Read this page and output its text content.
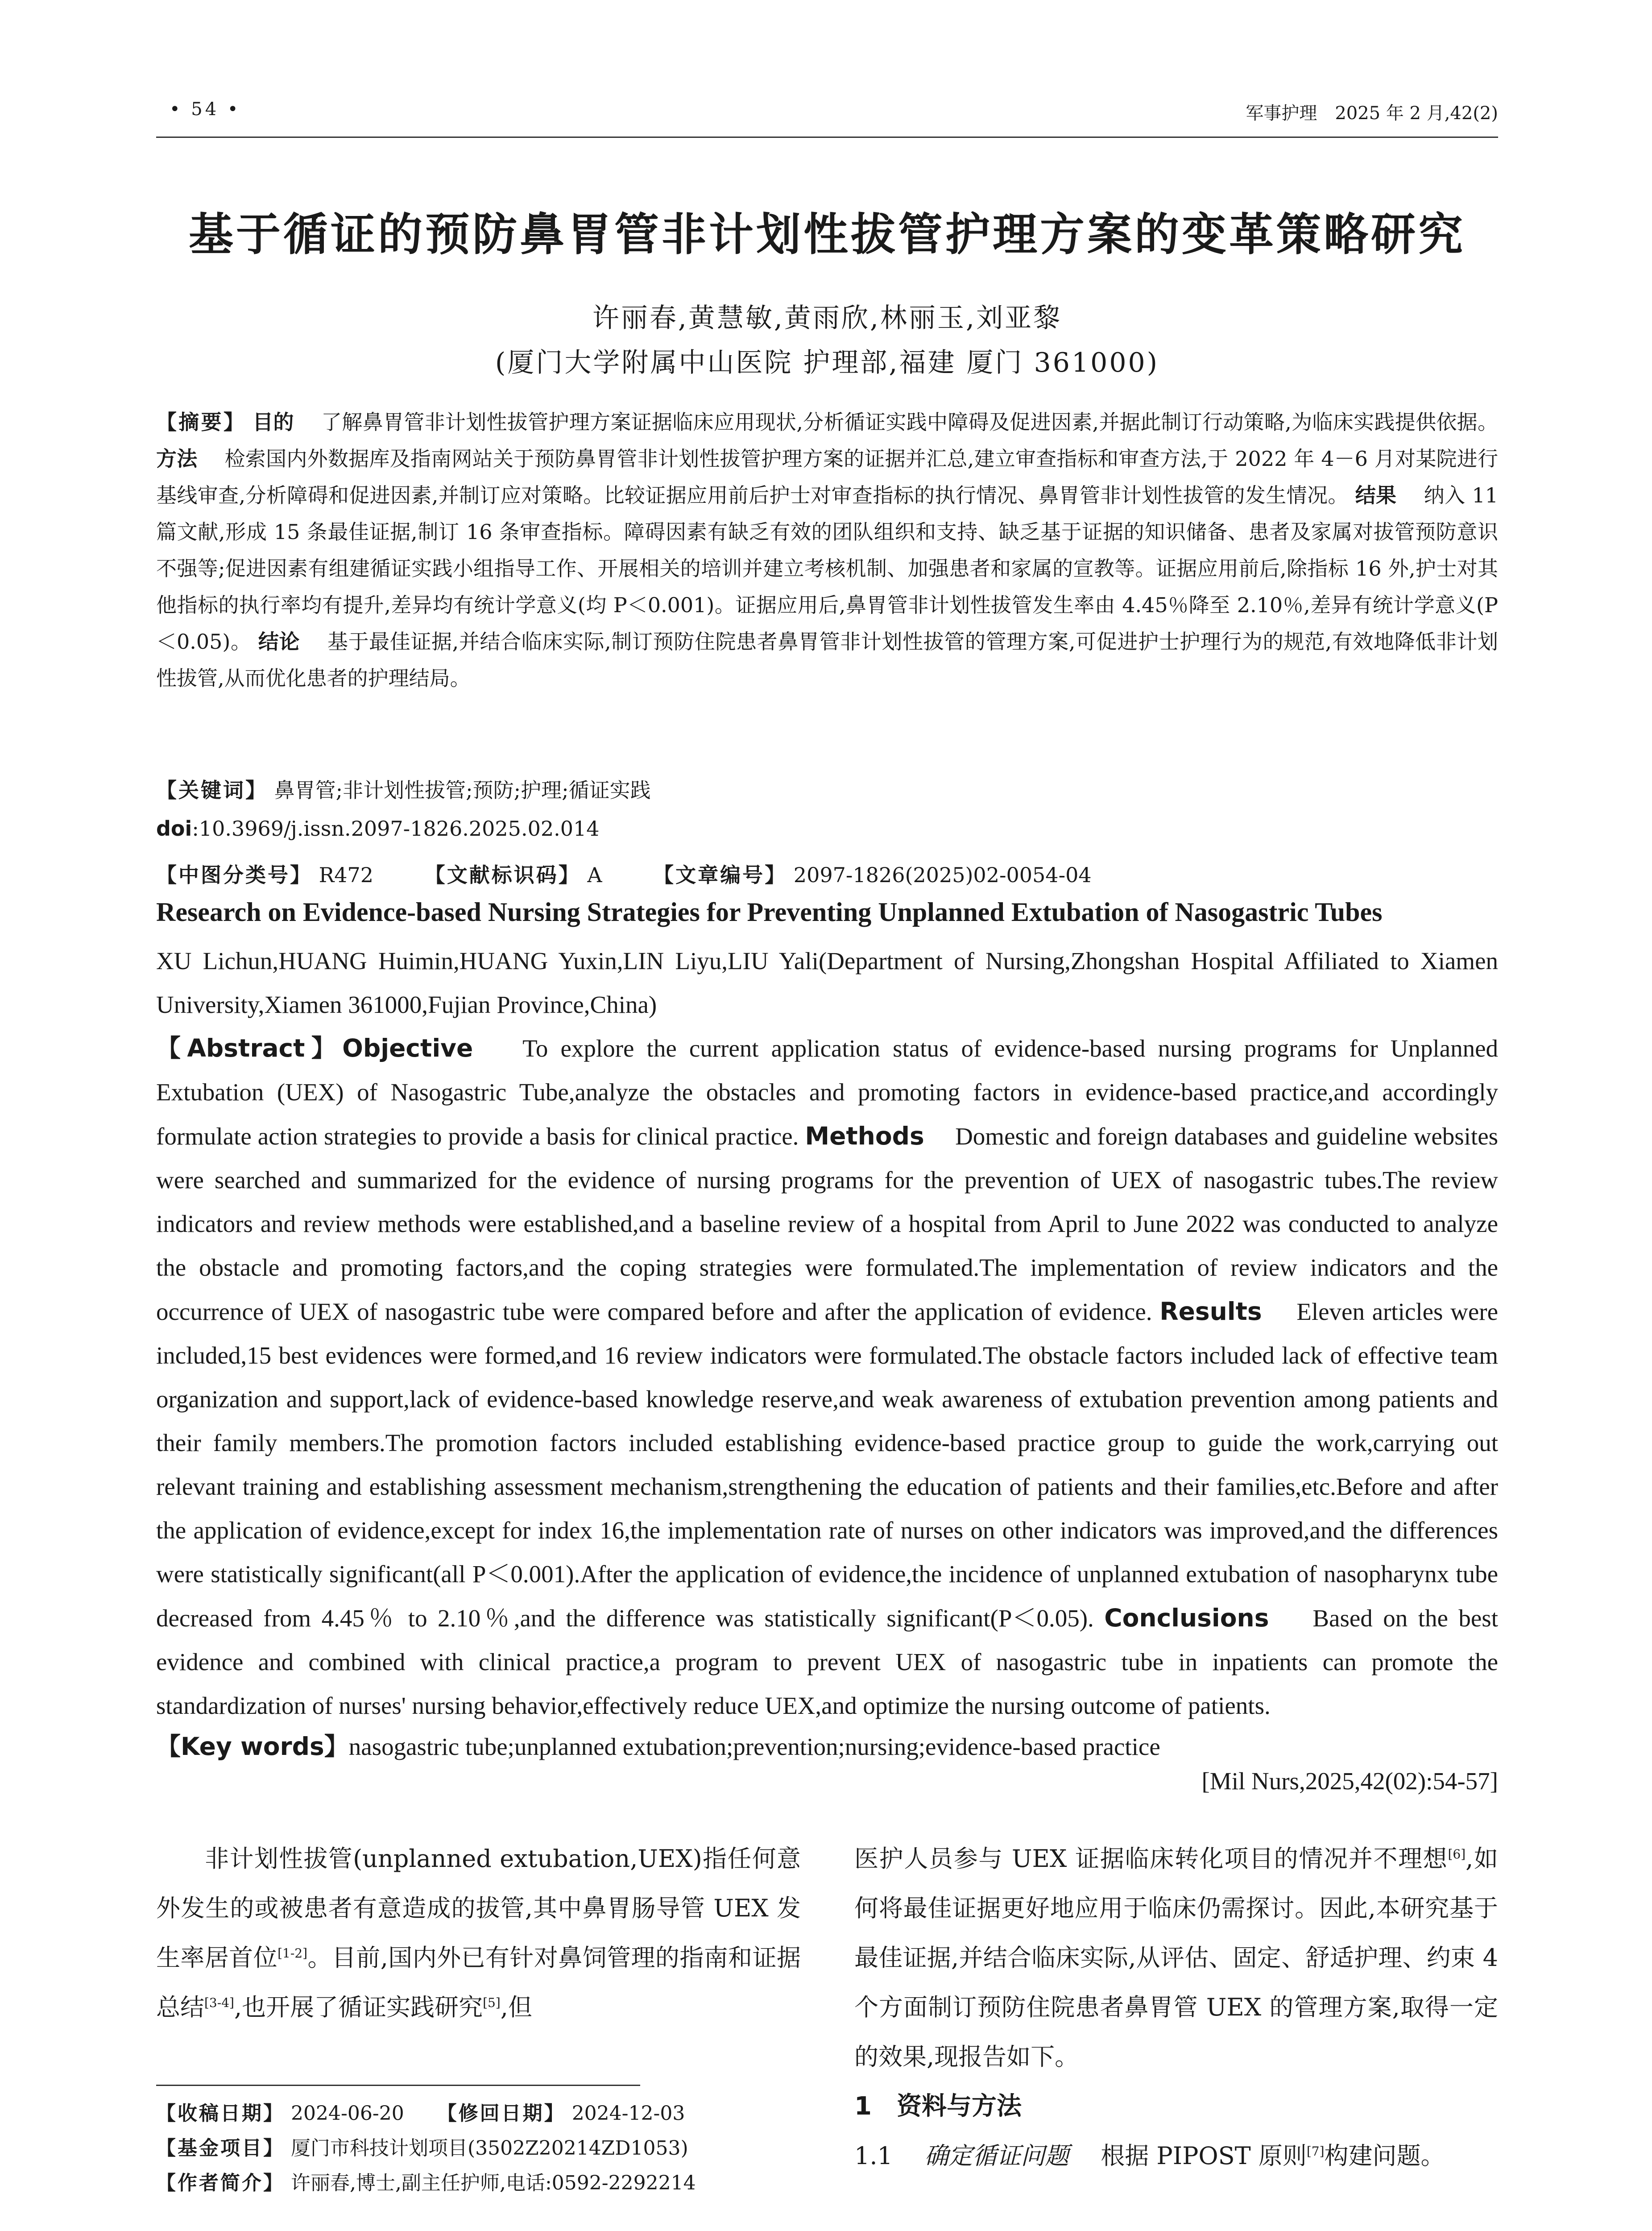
• 54 •	军事护理　2025 年 2 月,42(2)
基于循证的预防鼻胃管非计划性拔管护理方案的变革策略研究
许丽春,黄慧敏,黄雨欣,林丽玉,刘亚黎
(厦门大学附属中山医院 护理部,福建 厦门 361000)
【摘要】 目的　 了解鼻胃管非计划性拔管护理方案证据临床应用现状,分析循证实践中障碍及促进因素,并据此制订行动策略,为临床实践提供依据。 方法　 检索国内外数据库及指南网站关于预防鼻胃管非计划性拔管护理方案的证据并汇总,建立审查指标和审查方法,于 2022 年 4－6 月对某院进行基线审查,分析障碍和促进因素,并制订应对策略。比较证据应用前后护士对审查指标的执行情况、鼻胃管非计划性拔管的发生情况。 结果　 纳入 11 篇文献,形成 15 条最佳证据,制订 16 条审查指标。障碍因素有缺乏有效的团队组织和支持、缺乏基于证据的知识储备、患者及家属对拔管预防意识不强等;促进因素有组建循证实践小组指导工作、开展相关的培训并建立考核机制、加强患者和家属的宣教等。证据应用前后,除指标 16 外,护士对其他指标的执行率均有提升,差异均有统计学意义(均 P＜0.001)。证据应用后,鼻胃管非计划性拔管发生率由 4.45％降至 2.10％,差异有统计学意义(P＜0.05)。 结论　 基于最佳证据,并结合临床实际,制订预防住院患者鼻胃管非计划性拔管的管理方案,可促进护士护理行为的规范,有效地降低非计划性拔管,从而优化患者的护理结局。
【关键词】 鼻胃管;非计划性拔管;预防;护理;循证实践
doi:10.3969/j.issn.2097-1826.2025.02.014
【中图分类号】 R472 【文献标识码】 A 【文章编号】 2097-1826(2025)02-0054-04
Research on Evidence-based Nursing Strategies for Preventing Unplanned Extubation of Nasogastric Tubes
XU Lichun,HUANG Huimin,HUANG Yuxin,LIN Liyu,LIU Yali(Department of Nursing,Zhongshan Hospital Affiliated to Xiamen University,Xiamen 361000,Fujian Province,China)
【Abstract】Objective　 To explore the current application status of evidence-based nursing programs for Unplanned Extubation (UEX) of Nasogastric Tube,analyze the obstacles and promoting factors in evidence-based practice,and accordingly formulate action strategies to provide a basis for clinical practice. Methods　 Domestic and foreign databases and guideline websites were searched and summarized for the evidence of nursing programs for the prevention of UEX of nasogastric tubes.The review indicators and review methods were established,and a baseline review of a hospital from April to June 2022 was conducted to analyze the obstacle and promoting factors,and the coping strategies were formulated.The implementation of review indicators and the occurrence of UEX of nasogastric tube were compared before and after the application of evidence. Results　 Eleven articles were included,15 best evidences were formed,and 16 review indicators were formulated.The obstacle factors included lack of effective team organization and support,lack of evidence-based knowledge reserve,and weak awareness of extubation prevention among patients and their family members.The promotion factors included establishing evidence-based practice group to guide the work,carrying out relevant training and establishing assessment mechanism,strengthening the education of patients and their families,etc.Before and after the application of evidence,except for index 16,the implementation rate of nurses on other indicators was improved,and the differences were statistically significant(all P＜0.001).After the application of evidence,the incidence of unplanned extubation of nasopharynx tube decreased from 4.45％ to 2.10％,and the difference was statistically significant(P＜0.05). Conclusions　 Based on the best evidence and combined with clinical practice,a program to prevent UEX of nasogastric tube in inpatients can promote the standardization of nurses' nursing behavior,effectively reduce UEX,and optimize the nursing outcome of patients.
【Key words】nasogastric tube;unplanned extubation;prevention;nursing;evidence-based practice
[Mil Nurs,2025,42(02):54-57]
非计划性拔管(unplanned extubation,UEX)指任何意外发生的或被患者有意造成的拔管,其中鼻胃肠导管 UEX 发生率居首位[1-2]。目前,国内外已有针对鼻饲管理的指南和证据总结[3-4],也开展了循证实践研究[5],但
医护人员参与 UEX 证据临床转化项目的情况并不理想[6],如何将最佳证据更好地应用于临床仍需探讨。因此,本研究基于最佳证据,并结合临床实际,从评估、固定、舒适护理、约束 4 个方面制订预防住院患者鼻胃管 UEX 的管理方案,取得一定的效果,现报告如下。
1　资料与方法
1.1　 确定循证问题　 根据 PIPOST 原则[7]构建问题。
【收稿日期】 2024-06-20 【修回日期】 2024-12-03
【基金项目】 厦门市科技计划项目(3502Z20214ZD1053)
【作者简介】 许丽春,博士,副主任护师,电话:0592-2292214
